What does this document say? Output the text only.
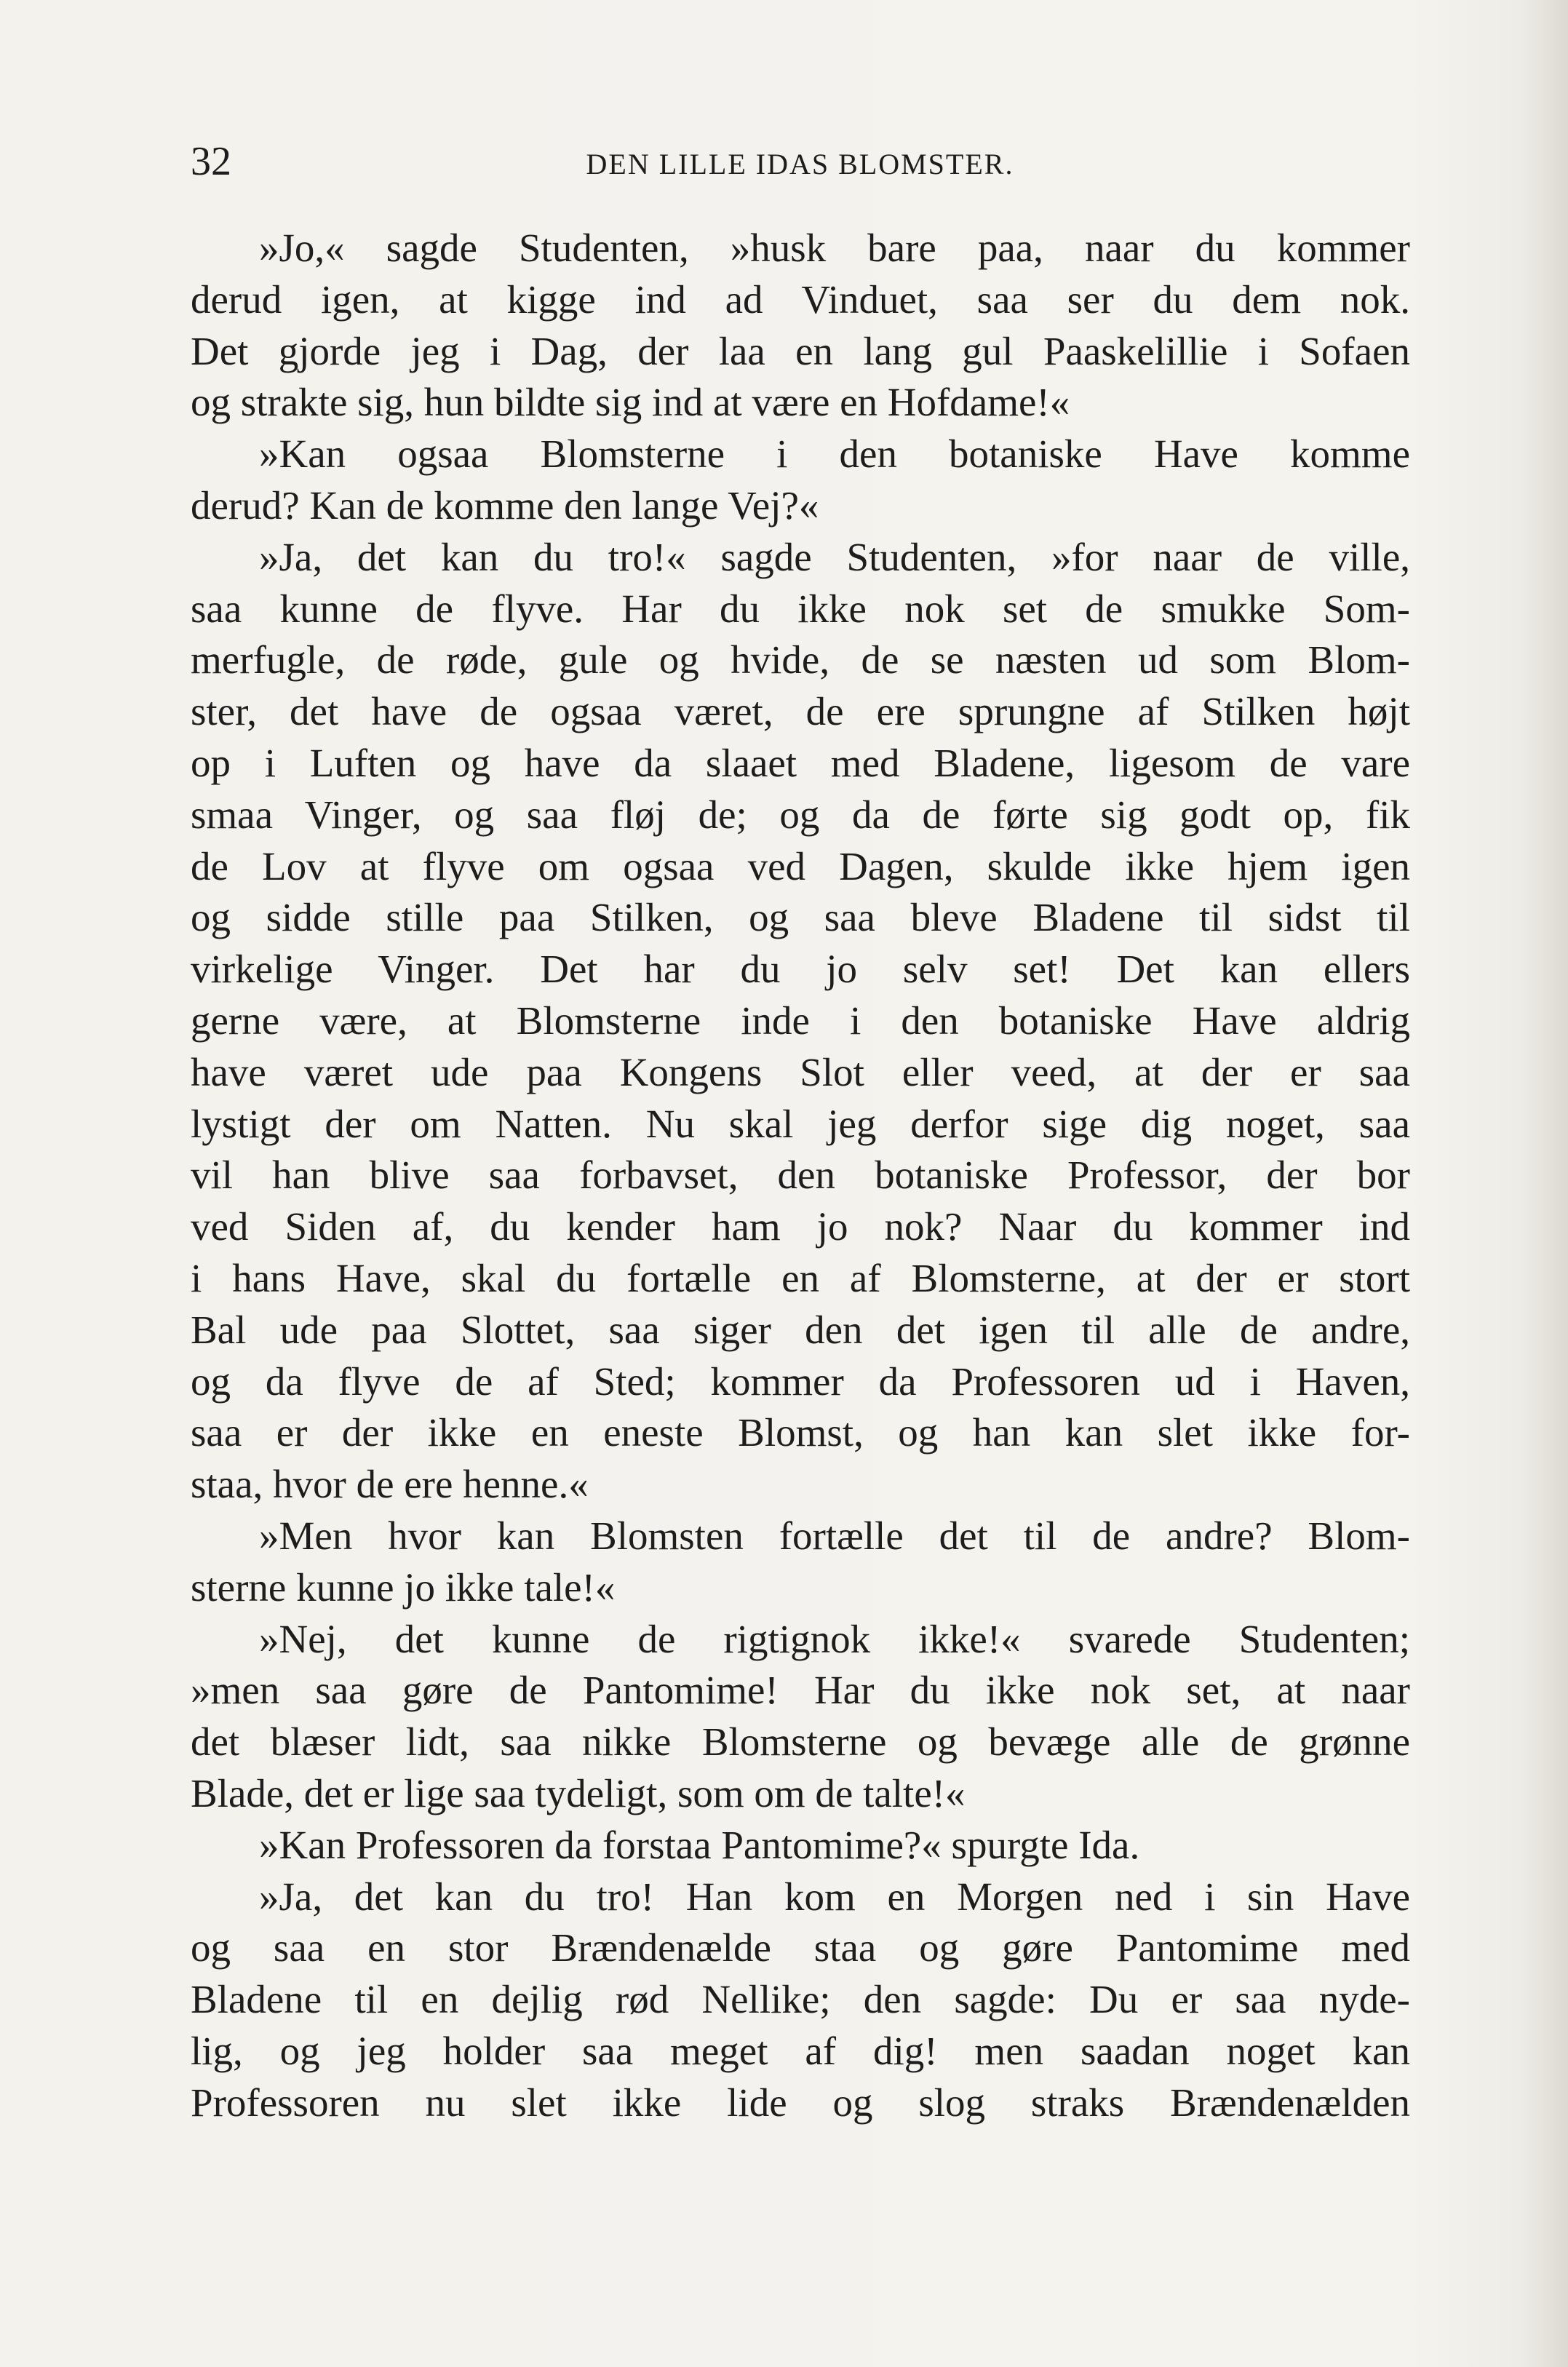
32	DEN LILLE IDAS BLOMSTER.
»Jo,« sagde Studenten, »husk bare paa, naar du kommer
derud igen, at kigge ind ad Vinduet, saa ser du dem nok.
Det gjorde jeg i Dag, der laa en lang gul Paaskelillie i Sofaen
og strakte sig, hun bildte sig ind at være en Hofdame!«
»Kan ogsaa Blomsterne i den botaniske Have komme
derud? Kan de komme den lange Vej?«
»Ja, det kan du tro!« sagde Studenten, »for naar de ville,
saa kunne de flyve. Har du ikke nok set de smukke Som-
merfugle, de røde, gule og hvide, de se næsten ud som Blom-
ster, det have de ogsaa været, de ere sprungne af Stilken højt
op i Luften og have da slaaet med Bladene, ligesom de vare
smaa Vinger, og saa fløj de; og da de førte sig godt op, fik
de Lov at flyve om ogsaa ved Dagen, skulde ikke hjem igen
og sidde stille paa Stilken, og saa bleve Bladene til sidst til
virkelige Vinger. Det har du jo selv set! Det kan ellers
gerne være, at Blomsterne inde i den botaniske Have aldrig
have været ude paa Kongens Slot eller veed, at der er saa
lystigt der om Natten. Nu skal jeg derfor sige dig noget, saa
vil han blive saa forbavset, den botaniske Professor, der bor
ved Siden af, du kender ham jo nok? Naar du kommer ind
i hans Have, skal du fortælle en af Blomsterne, at der er stort
Bal ude paa Slottet, saa siger den det igen til alle de andre,
og da flyve de af Sted; kommer da Professoren ud i Haven,
saa er der ikke en eneste Blomst, og han kan slet ikke for-
staa, hvor de ere henne.«
»Men hvor kan Blomsten fortælle det til de andre? Blom-
sterne kunne jo ikke tale!«
»Nej, det kunne de rigtignok ikke!« svarede Studenten;
»men saa gøre de Pantomime! Har du ikke nok set, at naar
det blæser lidt, saa nikke Blomsterne og bevæge alle de grønne
Blade, det er lige saa tydeligt, som om de talte!«
»Kan Professoren da forstaa Pantomime?« spurgte Ida.
»Ja, det kan du tro! Han kom en Morgen ned i sin Have
og saa en stor Brændenælde staa og gøre Pantomime med
Bladene til en dejlig rød Nellike; den sagde: Du er saa nyde-
lig, og jeg holder saa meget af dig! men saadan noget kan
Professoren nu slet ikke lide og slog straks Brændenælden
